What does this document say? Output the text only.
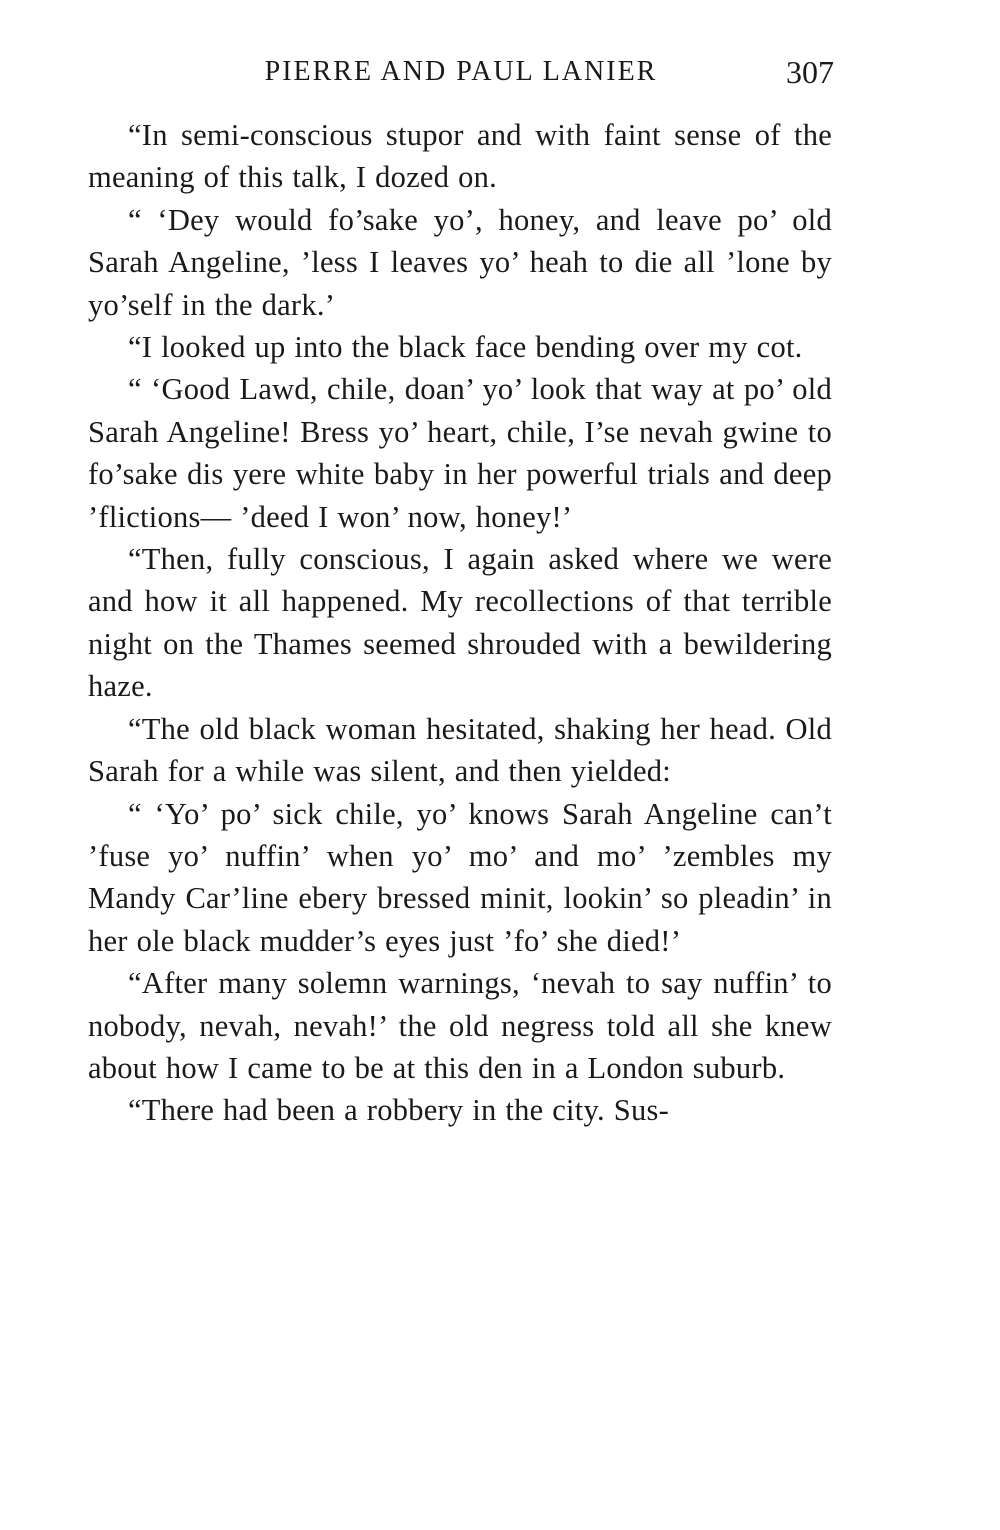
PIERRE AND PAUL LANIER	307

“In semi-conscious stupor and with faint sense of the meaning of this talk, I dozed on.

“ ‘Dey would fo’sake yo’, honey, and leave po’ old Sarah Angeline, ’less I leaves yo’ heah to die all ’lone by yo’self in the dark.’

“I looked up into the black face bending over my cot.

“ ‘Good Lawd, chile, doan’ yo’ look that way at po’ old Sarah Angeline! Bress yo’ heart, chile, I’se nevah gwine to fo’sake dis yere white baby in her powerful trials and deep ’flictions— ’deed I won’ now, honey!’

“Then, fully conscious, I again asked where we were and how it all happened. My recollections of that terrible night on the Thames seemed shrouded with a bewildering haze.

“The old black woman hesitated, shaking her head. Old Sarah for a while was silent, and then yielded:

“ ‘Yo’ po’ sick chile, yo’ knows Sarah Angeline can’t ’fuse yo’ nuffin’ when yo’ mo’ and mo’ ’zembles my Mandy Car’line ebery bressed minit, lookin’ so pleadin’ in her ole black mudder’s eyes just ’fo’ she died!’

“After many solemn warnings, ‘nevah to say nuffin’ to nobody, nevah, nevah!’ the old negress told all she knew about how I came to be at this den in a London suburb.

“There had been a robbery in the city. Sus-
